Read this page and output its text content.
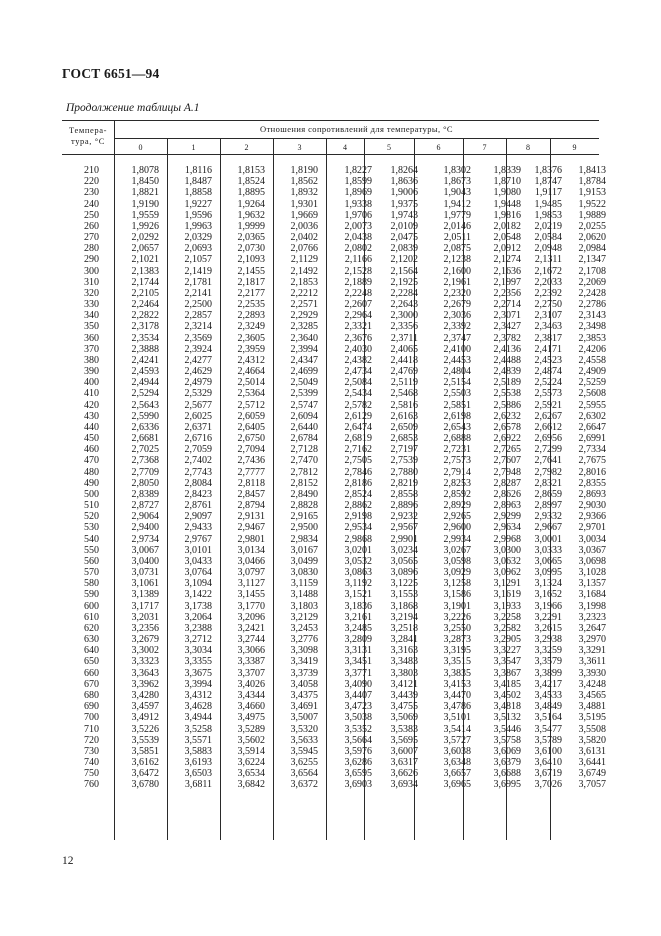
ГОСТ 6651—94
Продолжение таблицы А.1
Темпера-
тура, °С
Отношения сопротивлений для температуры, °С
0	1	2	3	4	5	6	7	8	9
210	1,8078	1,8116	1,8153	1,8190	1,8227	1,8264	1,8302	1,8339	1,8376	1,8413
220	1,8450	1,8487	1,8524	1,8562	1,8599	1,8636	1,8673	1,8710	1,8747	1,8784
230	1,8821	1,8858	1,8895	1,8932	1,8969	1,9006	1,9043	1,9080	1,9117	1,9153
240	1,9190	1,9227	1,9264	1,9301	1,9338	1,9375	1,9412	1,9448	1,9485	1,9522
250	1,9559	1,9596	1,9632	1,9669	1,9706	1,9743	1,9779	1,9816	1,9853	1,9889
260	1,9926	1,9963	1,9999	2,0036	2,0073	2,0109	2,0146	2,0182	2,0219	2,0255
270	2,0292	2,0329	2,0365	2,0402	2,0438	2,0475	2,0511	2,0548	2,0584	2,0620
280	2,0657	2,0693	2,0730	2,0766	2,0802	2,0839	2,0875	2,0912	2,0948	2,0984
290	2,1021	2,1057	2,1093	2,1129	2,1166	2,1202	2,1238	2,1274	2,1311	2,1347
300	2,1383	2,1419	2,1455	2,1492	2,1528	2,1564	2,1600	2,1636	2,1672	2,1708
310	2,1744	2,1781	2,1817	2,1853	2,1889	2,1925	2,1961	2,1997	2,2033	2,2069
320	2,2105	2,2141	2,2177	2,2212	2,2248	2,2284	2,2320	2,2356	2,2392	2,2428
330	2,2464	2,2500	2,2535	2,2571	2,2607	2,2643	2,2679	2,2714	2,2750	2,2786
340	2,2822	2,2857	2,2893	2,2929	2,2964	2,3000	2,3036	2,3071	2,3107	2,3143
350	2,3178	2,3214	2,3249	2,3285	2,3321	2,3356	2,3392	2,3427	2,3463	2,3498
360	2,3534	2,3569	2,3605	2,3640	2,3676	2,3711	2,3747	2,3782	2,3817	2,3853
370	2,3888	2,3924	2,3959	2,3994	2,4030	2,4065	2,4100	2,4136	2,4171	2,4206
380	2,4241	2,4277	2,4312	2,4347	2,4382	2,4418	2,4453	2,4488	2,4523	2,4558
390	2,4593	2,4629	2,4664	2,4699	2,4734	2,4769	2,4804	2,4839	2,4874	2,4909
400	2,4944	2,4979	2,5014	2,5049	2,5084	2,5119	2,5154	2,5189	2,5224	2,5259
410	2,5294	2,5329	2,5364	2,5399	2,5434	2,5468	2,5503	2,5538	2,5573	2,5608
420	2,5643	2,5677	2,5712	2,5747	2,5782	2,5816	2,5851	2,5886	2,5921	2,5955
430	2,5990	2,6025	2,6059	2,6094	2,6129	2,6163	2,6198	2,6232	2,6267	2,6302
440	2,6336	2,6371	2,6405	2,6440	2,6474	2,6509	2,6543	2,6578	2,6612	2,6647
450	2,6681	2,6716	2,6750	2,6784	2,6819	2,6853	2,6888	2,6922	2,6956	2,6991
460	2,7025	2,7059	2,7094	2,7128	2,7162	2,7197	2,7231	2,7265	2,7299	2,7334
470	2,7368	2,7402	2,7436	2,7470	2,7505	2,7539	2,7573	2,7607	2,7641	2,7675
480	2,7709	2,7743	2,7777	2,7812	2,7846	2,7880	2,7914	2,7948	2,7982	2,8016
490	2,8050	2,8084	2,8118	2,8152	2,8186	2,8219	2,8253	2,8287	2,8321	2,8355
500	2,8389	2,8423	2,8457	2,8490	2,8524	2,8558	2,8592	2,8626	2,8659	2,8693
510	2,8727	2,8761	2,8794	2,8828	2,8862	2,8896	2,8929	2,8963	2,8997	2,9030
520	2,9064	2,9097	2,9131	2,9165	2,9198	2,9232	2,9265	2,9299	2,9332	2,9366
530	2,9400	2,9433	2,9467	2,9500	2,9534	2,9567	2,9600	2,9634	2,9667	2,9701
540	2,9734	2,9767	2,9801	2,9834	2,9868	2,9901	2,9934	2,9968	3,0001	3,0034
550	3,0067	3,0101	3,0134	3,0167	3,0201	3,0234	3,0267	3,0300	3,0333	3,0367
560	3,0400	3,0433	3,0466	3,0499	3,0532	3,0565	3,0598	3,0632	3,0665	3,0698
570	3,0731	3,0764	3,0797	3,0830	3,0863	3,0896	3,0929	3,0962	3,0995	3,1028
580	3,1061	3,1094	3,1127	3,1159	3,1192	3,1225	3,1258	3,1291	3,1324	3,1357
590	3,1389	3,1422	3,1455	3,1488	3,1521	3,1553	3,1586	3,1619	3,1652	3,1684
600	3,1717	3,1738	3,1770	3,1803	3,1836	3,1868	3,1901	3,1933	3,1966	3,1998
610	3,2031	3,2064	3,2096	3,2129	3,2161	3,2194	3,2226	3,2258	3,2291	3,2323
620	3,2356	3,2388	3,2421	3,2453	3,2485	3,2518	3,2550	3,2582	3,2615	3,2647
630	3,2679	3,2712	3,2744	3,2776	3,2809	3,2841	3,2873	3,2905	3,2938	3,2970
640	3,3002	3,3034	3,3066	3,3098	3,3131	3,3163	3,3195	3,3227	3,3259	3,3291
650	3,3323	3,3355	3,3387	3,3419	3,3451	3,3483	3,3515	3,3547	3,3579	3,3611
660	3,3643	3,3675	3,3707	3,3739	3,3771	3,3803	3,3835	3,3867	3,3899	3,3930
670	3,3962	3,3994	3,4026	3,4058	3,4090	3,4121	3,4153	3,4185	3,4217	3,4248
680	3,4280	3,4312	3,4344	3,4375	3,4407	3,4439	3,4470	3,4502	3,4533	3,4565
690	3,4597	3,4628	3,4660	3,4691	3,4723	3,4755	3,4786	3,4818	3,4849	3,4881
700	3,4912	3,4944	3,4975	3,5007	3,5038	3,5069	3,5101	3,5132	3,5164	3,5195
710	3,5226	3,5258	3,5289	3,5320	3,5352	3,5383	3,5414	3,5446	3,5477	3,5508
720	3,5539	3,5571	3,5602	3,5633	3,5664	3,5695	3,5727	3,5758	3,5789	3,5820
730	3,5851	3,5883	3,5914	3,5945	3,5976	3,6007	3,6038	3,6069	3,6100	3,6131
740	3,6162	3,6193	3,6224	3,6255	3,6286	3,6317	3,6348	3,6379	3,6410	3,6441
750	3,6472	3,6503	3,6534	3,6564	3,6595	3,6626	3,6657	3,6688	3,6719	3,6749
760	3,6780	3,6811	3,6842	3,6372	3,6903	3,6934	3,6965	3,6995	3,7026	3,7057
12
